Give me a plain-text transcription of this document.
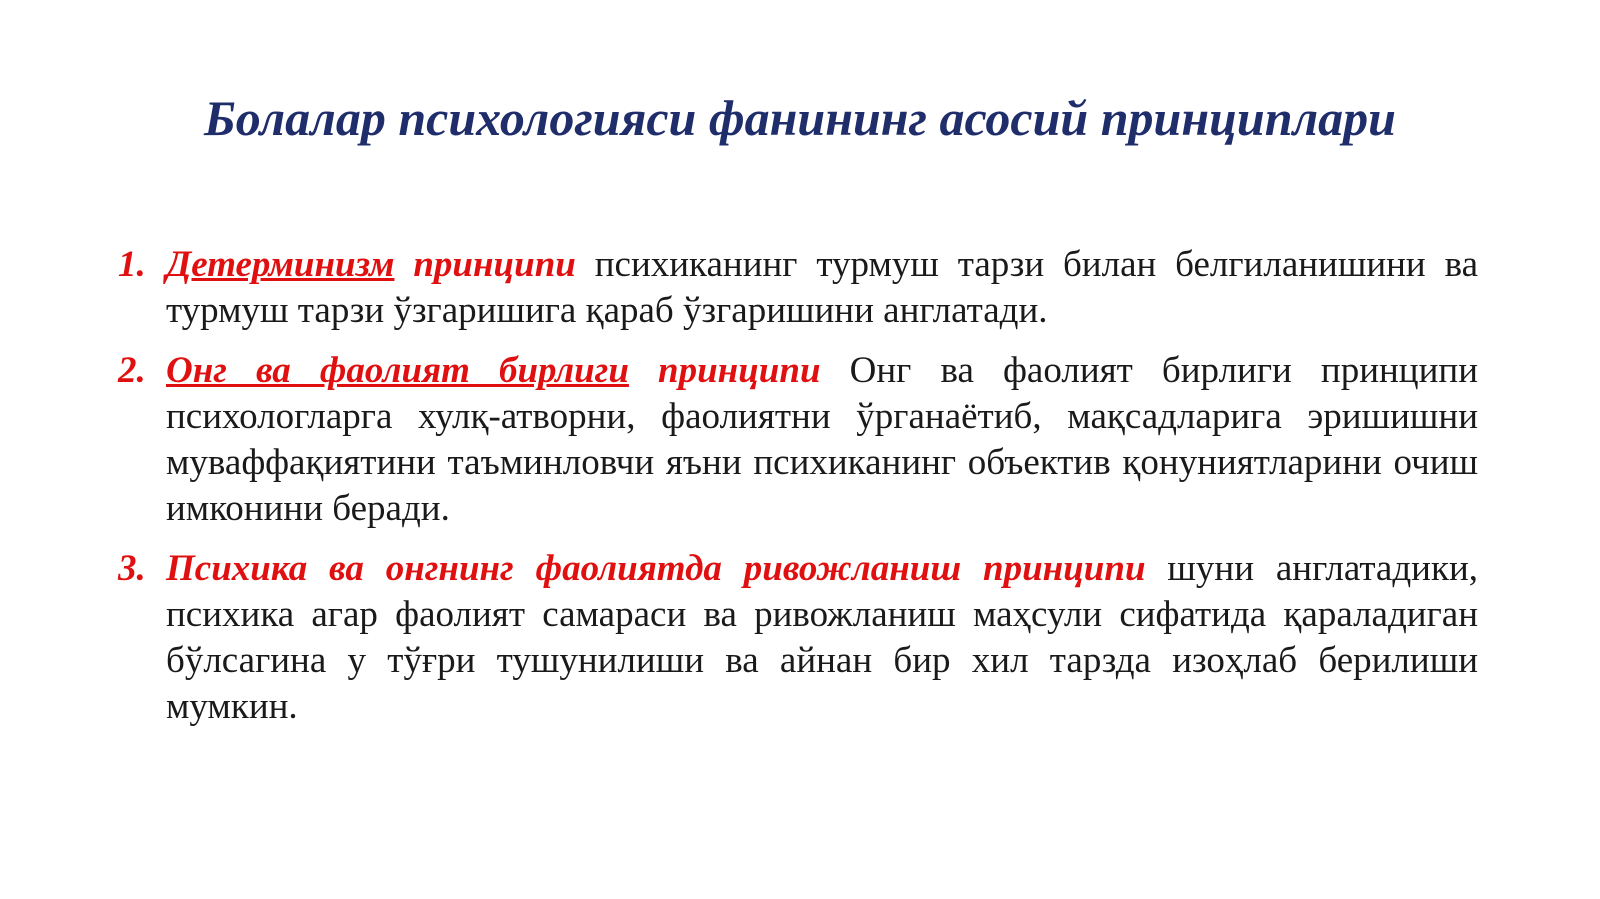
Болалар психологияси фанининг асосий принциплари
1. Детерминизм принципи психиканинг турмуш тарзи билан белгиланишини ва турмуш тарзи ўзгаришига қараб ўзгаришини англатади.
2. Онг ва фаолият бирлиги принципи Онг ва фаолият бирлиги принципи психологларга хулқ-атворни, фаолиятни ўрганаётиб, мақсадларига эришишни муваффақиятини таъминловчи яъни психиканинг объектив қонуниятларини очиш имконини беради.
3. Психика ва онгнинг фаолиятда ривожланиш принципи шуни англатадики, психика агар фаолият самараси ва ривожланиш маҳсули сифатида қараладиган бўлсагина у тўғри тушунилиши ва айнан бир хил тарзда изоҳлаб берилиши мумкин.
